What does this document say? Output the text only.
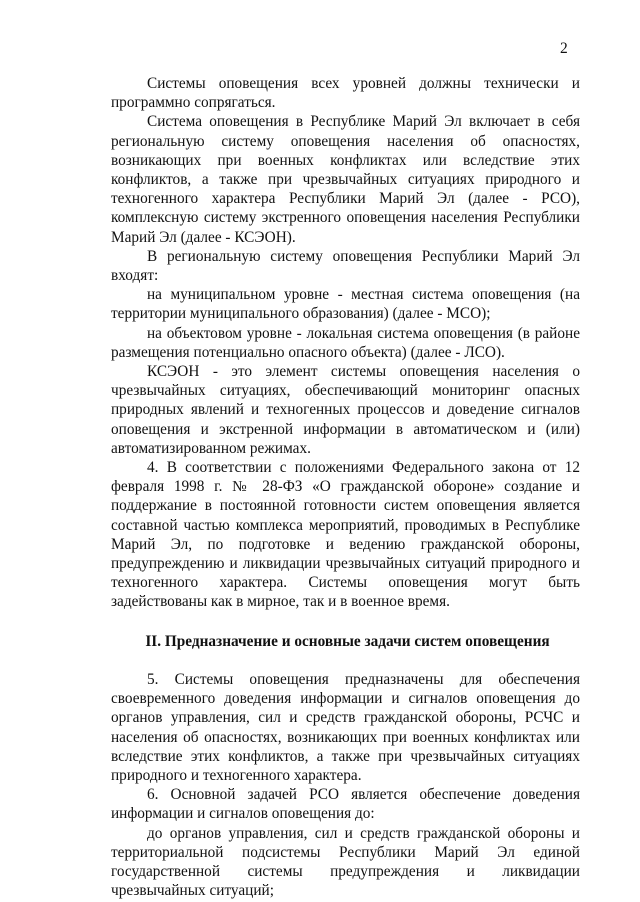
2

Системы оповещения всех уровней должны технически и программно сопрягаться.

Система оповещения в Республике Марий Эл включает в себя региональную систему оповещения населения об опасностях, возникающих при военных конфликтах или вследствие этих конфликтов, а также при чрезвычайных ситуациях природного и техногенного характера Республики Марий Эл (далее - РСО), комплексную систему экстренного оповещения населения Республики Марий Эл (далее - КСЭОН).

В региональную систему оповещения Республики Марий Эл входят:

на муниципальном уровне - местная система оповещения (на территории муниципального образования) (далее - МСО);

на объектовом уровне - локальная система оповещения (в районе размещения потенциально опасного объекта) (далее - ЛСО).

КСЭОН - это элемент системы оповещения населения о чрезвычайных ситуациях, обеспечивающий мониторинг опасных природных явлений и техногенных процессов и доведение сигналов оповещения и экстренной информации в автоматическом и (или) автоматизированном режимах.

4. В соответствии с положениями Федерального закона от 12 февраля 1998 г. № 28-ФЗ «О гражданской обороне» создание и поддержание в постоянной готовности систем оповещения является составной частью комплекса мероприятий, проводимых в Республике Марий Эл, по подготовке и ведению гражданской обороны, предупреждению и ликвидации чрезвычайных ситуаций природного и техногенного характера. Системы оповещения могут быть задействованы как в мирное, так и в военное время.

II. Предназначение и основные задачи систем оповещения

5. Системы оповещения предназначены для обеспечения своевременного доведения информации и сигналов оповещения до органов управления, сил и средств гражданской обороны, РСЧС и населения об опасностях, возникающих при военных конфликтах или вследствие этих конфликтов, а также при чрезвычайных ситуациях природного и техногенного характера.

6. Основной задачей РСО является обеспечение доведения информации и сигналов оповещения до:

до органов управления, сил и средств гражданской обороны и территориальной подсистемы Республики Марий Эл единой государственной системы предупреждения и ликвидации чрезвычайных ситуаций;
